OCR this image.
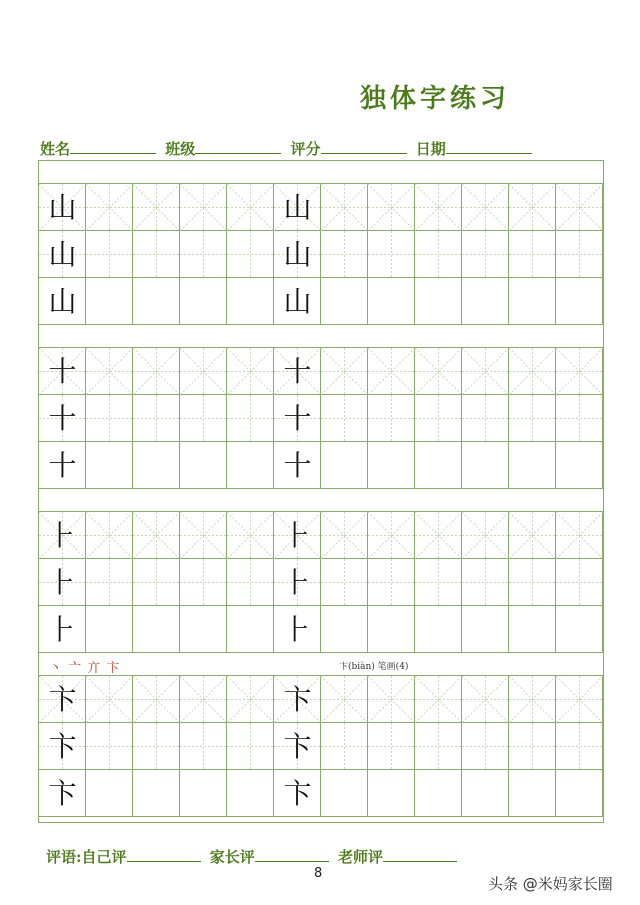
独体字练习
姓名	班级	评分	日期
山	山
山	山
山	山
十	十
十	十
十	十
⺊	⺊
⺊	⺊
⺊	⺊
丶 亠 亣 卞	卞(biàn) 笔画(4)
卞	卞
卞	卞
卞	卞
评语:自己评	家长评	老师评
8
头条 @米妈家长圈
